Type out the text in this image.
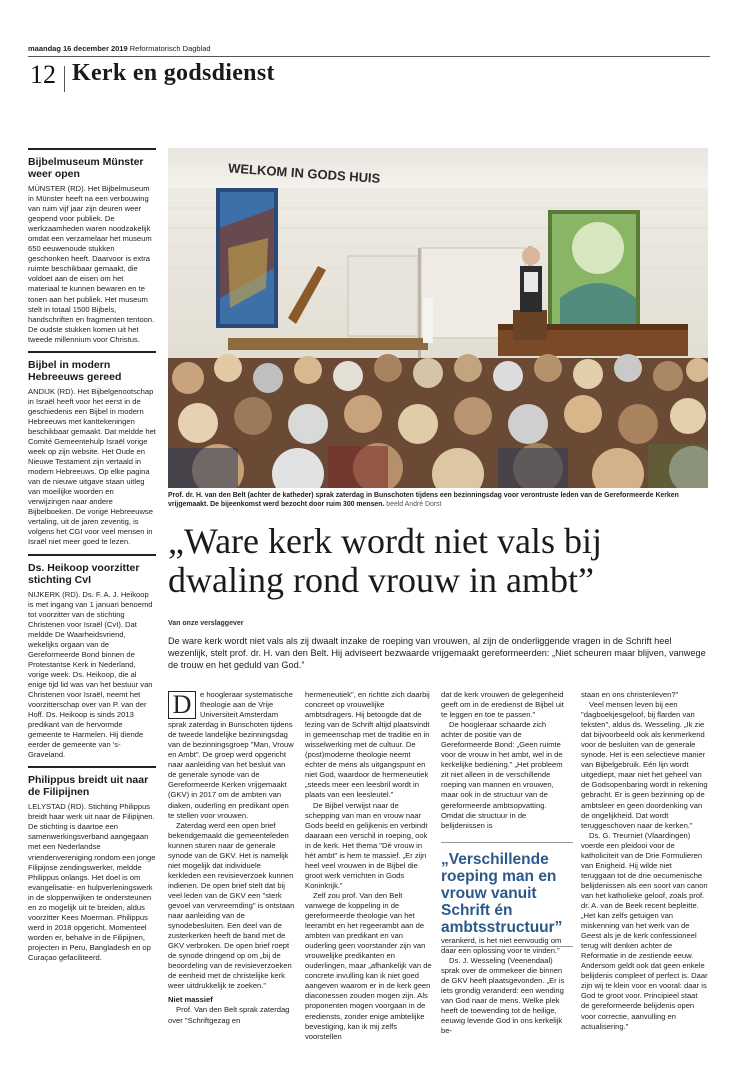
maandag 16 december 2019 Reformatorisch Dagblad
12 Kerk en godsdienst
Bijbelmuseum Münster weer open
MÜNSTER (RD). Het Bijbelmuseum in Münster heeft na een verbouwing van ruim vijf jaar zijn deuren weer geopend voor publiek. De werkzaamheden waren noodzakelijk omdat een verzamelaar het museum 650 eeuwenoude stukken geschonken heeft. Daarvoor is extra ruimte beschikbaar gemaakt, die voldoet aan de eisen om het materiaal te kunnen bewaren en te tonen aan het publiek. Het museum stelt in totaal 1500 Bijbels, handschriften en fragmenten tentoon. De oudste stukken komen uit het tweede millennium voor Christus.
Bijbel in modern Hebreeuws gereed
ANDIJK (RD). Het Bijbelgenootschap in Israël heeft voor het eerst in de geschiedenis een Bijbel in modern Hebreeuws met kanttekeningen beschikbaar gemaakt. Dat meldde het Comité Gemeentehulp Israël vorige week op zijn website. Het Oude en Nieuwe Testament zijn vertaald in modern Hebreeuws. Op elke pagina van de nieuwe uitgave staan uitleg van moeilijke woorden en verwijzingen naar andere Bijbelboeken. De vorige Hebreeuwse vertaling, uit de jaren zeventig, is volgens het CGI voor veel mensen in Israël niet meer goed te lezen.
Ds. Heikoop voorzitter stichting CvI
NIJKERK (RD). Ds. F. A. J. Heikoop is met ingang van 1 januari benoemd tot voorzitter van de stichting Christenen voor Israël (CvI). Dat meldde De Waarheidsvriend, wekelijks orgaan van de Gereformeerde Bond binnen de Protestantse Kerk in Nederland, vorige week. Ds. Heikoop, die al enige tijd lid was van het bestuur van Christenen voor Israël, neemt het voorzitterschap over van P. van der Hoff. Ds. Heikoop is sinds 2013 predikant van de hervormde gemeente te Harmelen. Hij diende eerder de gemeente van 's-Graveland.
Philippus breidt uit naar de Filipijnen
LELYSTAD (RD). Stichting Philippus breidt haar werk uit naar de Filipijnen. De stichting is daartoe een samenwerkingsverband aangegaan met een Nederlandse vriendenvereniging rondom een jonge Filipijnse zendingswerker, meldde Philippus onlangs. Het doel is om evangelisatie- en hulpverleningswerk in de sloppenwijken te ondersteunen en zo mogelijk uit te breiden, aldus voorzitter Kees Moerman. Philippus werd in 2018 opgericht. Momenteel worden er, behalve in de Filipijnen, projecten in Peru, Bangladesh en op Curaçao gefaciliteerd.
WELKOM IN GODS HUIS
Prof. dr. H. van den Belt (achter de katheder) sprak zaterdag in Bunschoten tijdens een bezinningsdag voor verontruste leden van de Gereformeerde Kerken vrijgemaakt. De bijeenkomst werd bezocht door ruim 300 mensen. beeld André Dorst
„Ware kerk wordt niet vals bij dwaling rond vrouw in ambt”
Van onze verslaggever
De ware kerk wordt niet vals als zij dwaalt inzake de roeping van vrouwen, al zijn de onderliggende vragen in de Schrift heel wezenlijk, stelt prof. dr. H. van den Belt. Hij adviseert bezwaarde vrijgemaakt gereformeerden: „Niet scheuren maar blijven, vanwege de trouw en het geduld van God.”
D	e hoogleraar systematische theologie aan de Vrije Universiteit Amsterdam sprak zaterdag in Bunschoten tijdens de tweede landelijke bezinningsdag van de bezinningsgroep "Man, Vrouw en Ambt". De groep werd opgericht naar aanleiding van het besluit van de generale synode van de Gereformeerde Kerken vrijgemaakt (GKV) in 2017 om de ambten van diaken, ouderling en predikant open te stellen voor vrouwen.

Zaterdag werd een open brief bekendgemaakt die gemeenteleden kunnen sturen naar de generale synode van de GKV. Het is namelijk niet mogelijk dat individuele kerkleden een revisieverzoek kunnen indienen. De open brief stelt dat bij veel leden van de GKV een "sterk gevoel van vervreemding" is ontstaan naar aanleiding van de synodebesluiten. Een deel van de zusterkerken heeft de band met de GKV verbroken. De open brief roept de synode dringend op om „bij de beoordeling van de revisieverzoeken de eenheid met de christelijke kerk weer uitdrukkelijk te zoeken.”

Niet massief

Prof. Van den Belt sprak zaterdag over "Schriftgezag en

hermeneutiek", en richtte zich daarbij concreet op vrouwelijke ambtsdragers. Hij betoogde dat de lezing van de Schrift altijd plaatsvindt in gemeenschap met de traditie en in wisselwerking met de cultuur. De (post)moderne theologie neemt echter de mens als uitgangspunt en niet God, waardoor de hermeneutiek „steeds meer een leesbril wordt in plaats van een leesleutel.”

De Bijbel verwijst naar de schepping van man en vrouw naar Gods beeld en gelijkenis en verbindt daaraan een verschil in roeping, ook in de kerk. Het thema "Dé vrouw in hét ambt" is hem te massief. „Er zijn heel veel vrouwen in de Bijbel die groot werk verrichten in Gods Koninkrijk.”

Zelf zou prof. Van den Belt vanwege de koppeling in de gereformeerde theologie van het leerambt en het regeerambt aan de ambten van predikant en van ouderling geen voorstander zijn van vrouwelijke predikanten en ouderlingen, maar „afhankelijk van de concrete invulling kan ik niet goed aangeven waarom er in de kerk geen diaconessen zouden mogen zijn. Als proponenten mogen voorgaan in de erediensts, zonder enige ambtelijke bevestiging, kan ik mij zelfs voorstellen

dat de kerk vrouwen de gelegenheid geeft om in de eredienst de Bijbel uit te leggen en toe te passen.”

De hoogleraar schaarde zich achter de positie van de Gereformeerde Bond: „Geen ruimte voor de vrouw in het ambt, wel in de kerkelijke bediening.” „Het probleem zit niet alleen in de verschillende roeping van mannen en vrouwen, maar ook in de structuur van de gereformeerde ambtsopvatting. Omdat die structuur in de belijdenissen is

„Verschillende roeping man en vrouw vanuit Schrift én ambtsstructuur”

verankerd, is het niet eenvoudig om daar een oplossing voor te vinden.”

Ds. J. Wesseling (Veenendaal) sprak over de ommekeer die binnen de GKV heeft plaatsgevonden. „Er is iets grondig veranderd: een wending van God naar de mens. Welke plek heeft de toewending tot de heilige, eeuwig levende God in ons kerkelijk be-

staan en ons christenleven?”

Veel mensen leven bij een "dagboekjesgeloof, bij flarden van teksten", aldus ds. Wesseling. „Ik zie dat bijvoorbeeld ook als kenmerkend voor de besluiten van de generale synode. Het is een selectieve manier van Bijbelgebruik. Eén lijn wordt uitgediept, maar niet het geheel van de Godsopenbaring wordt in rekening gebracht. Er is geen bezinning op de ambtsleer en geen doordenking van de ongelijkheid. Dat wordt teruggeschoven naar de kerken.”

Ds. G. Treurniet (Vlaardingen) voerde een pleidooi voor de katholiciteit van de Drie Formulieren van Enigheid. Hij wilde niet teruggaan tot de drie oecumenische belijdenissen als een soort van canon van het katholieke geloof, zoals prof. dr. A. van de Beek recent bepleitte. „Het kan zelfs getuigen van miskenning van het werk van de Geest als je de kerk confessioneel terug wilt denken achter de Reformatie in de zestiende eeuw. Andersom geldt ook dat geen enkele belijdenis compleet of perfect is. Daar zijn wij te klein voor en vooral: daar is God te groot voor. Principieel staat de gereformeerde belijdenis open voor correctie, aanvulling en actualisering.”
